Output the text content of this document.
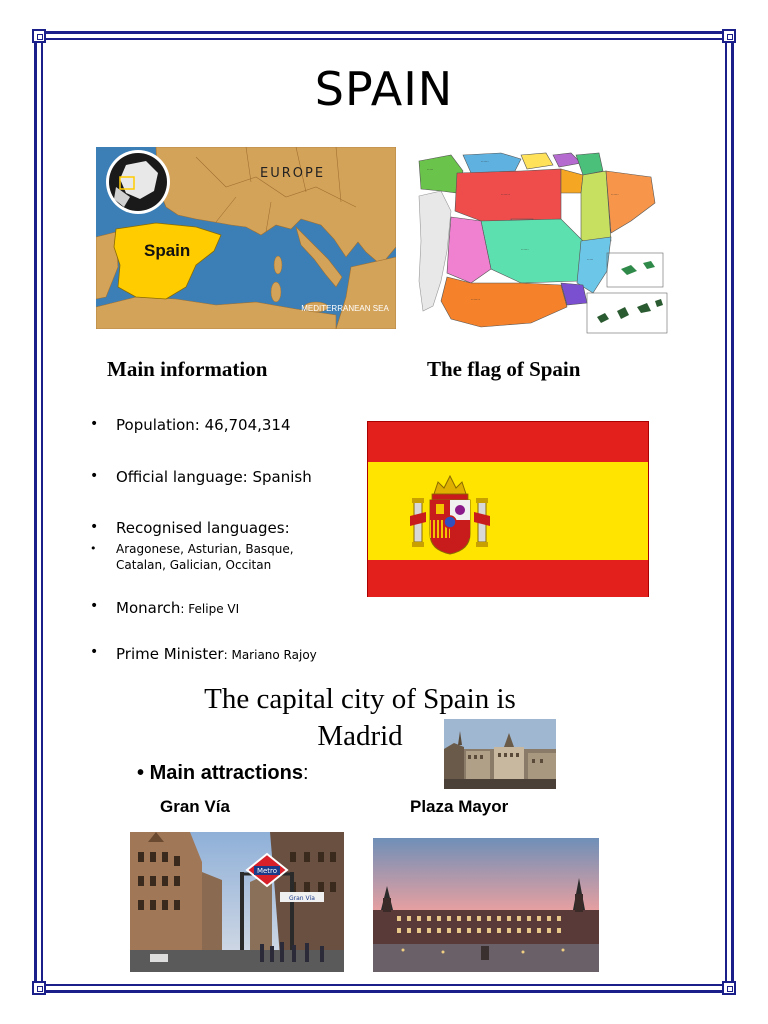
SPAIN
EUROPE
Spain
MEDITERRANEAN SEA
·····
······
·······
······
·······
······
·····
Main information	The flag of Spain
• Population: 46,704,314
• Official language: Spanish
• Recognised languages:
• Aragonese, Asturian, Basque,
Catalan, Galician, Occitan
• Monarch: Felipe VI
• Prime Minister: Mariano Rajoy
The capital city of Spain is
Madrid
• Main attractions:
Gran Vía	Plaza Mayor
Metro
Gran Vía
